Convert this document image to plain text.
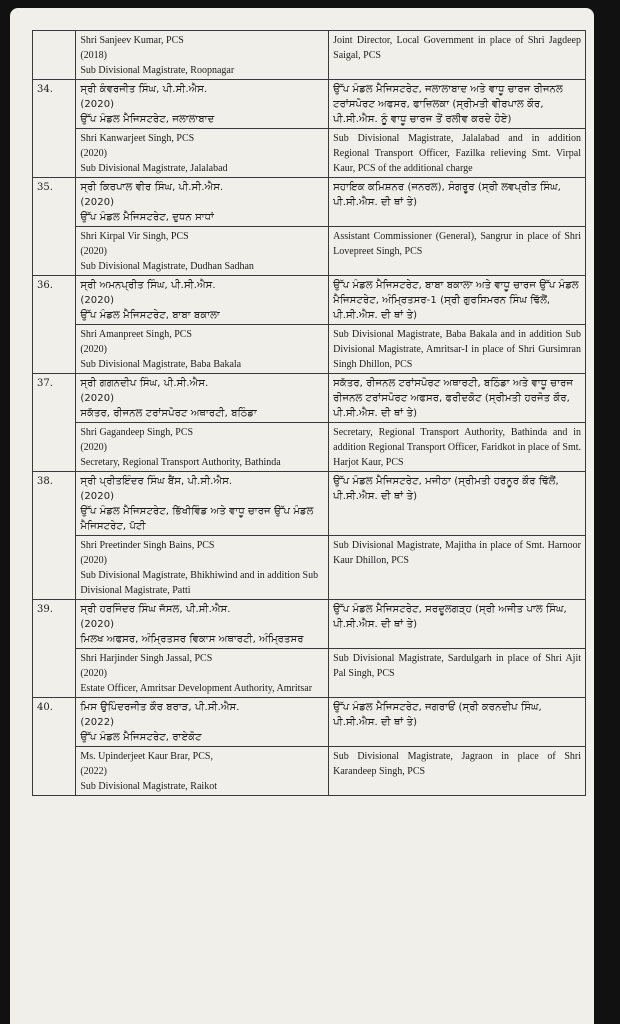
	Shri Sanjeev Kumar, PCS
(2018)
Sub Divisional Magistrate, Roopnagar	Joint Director, Local Government in place of Shri Jagdeep Saigal, PCS
34.	ਸ੍ਰੀ ਕੰਵਰਜੀਤ ਸਿੰਘ, ਪੀ.ਸੀ.ਐਸ.
(2020)
ਉੱਪ ਮੰਡਲ ਮੈਜਿਸਟਰੇਟ, ਜਲਾਲਾਬਾਦ	ਉੱਪ ਮੰਡਲ ਮੈਜਿਸਟਰੇਟ, ਜਲਾਲਾਬਾਦ ਅਤੇ ਵਾਧੂ ਚਾਰਜ ਰੀਜਨਲ ਟਰਾਂਸਪੋਰਟ ਅਫਸਰ, ਫਾਜ਼ਿਲਕਾ (ਸ੍ਰੀਮਤੀ ਵੀਰਪਾਲ ਕੌਰ, ਪੀ.ਸੀ.ਐਸ. ਨੂੰ ਵਾਧੂ ਚਾਰਜ ਤੋਂ ਰਲੀਵ ਕਰਦੇ ਹੋਏ)

	Shri Kanwarjeet Singh, PCS
(2020)
Sub Divisional Magistrate, Jalalabad	Sub Divisional Magistrate, Jalalabad and in addition Regional Transport Officer, Fazilka relieving Smt. Virpal Kaur, PCS of the additional charge
35.	ਸ੍ਰੀ ਕਿਰਪਾਲ ਵੀਰ ਸਿੰਘ, ਪੀ.ਸੀ.ਐਸ.
(2020)
ਉੱਪ ਮੰਡਲ ਮੈਜਿਸਟਰੇਟ, ਦੁਧਨ ਸਾਧਾਂ	ਸਹਾਇਕ ਕਮਿਸ਼ਨਰ (ਜਨਰਲ), ਸੰਗਰੂਰ (ਸ੍ਰੀ ਲਵਪ੍ਰੀਤ ਸਿੰਘ, ਪੀ.ਸੀ.ਐਸ. ਦੀ ਥਾਂ ਤੇ)

	Shri Kirpal Vir Singh, PCS
(2020)
Sub Divisional Magistrate, Dudhan Sadhan	Assistant Commissioner (General), Sangrur in place of Shri Lovepreet Singh, PCS
36.	ਸ੍ਰੀ ਅਮਨਪ੍ਰੀਤ ਸਿੰਘ, ਪੀ.ਸੀ.ਐਸ.
(2020)
ਉੱਪ ਮੰਡਲ ਮੈਜਿਸਟਰੇਟ, ਬਾਬਾ ਬਕਾਲਾ	ਉੱਪ ਮੰਡਲ ਮੈਜਿਸਟਰੇਟ, ਬਾਬਾ ਬਕਾਲਾ ਅਤੇ ਵਾਧੂ ਚਾਰਜ ਉੱਪ ਮੰਡਲ ਮੈਜਿਸਟਰੇਟ, ਅੰਮ੍ਰਿਤਸਰ-1 (ਸ੍ਰੀ ਗੁਰਸਿਮਰਨ ਸਿੰਘ ਢਿੱਲੋਂ, ਪੀ.ਸੀ.ਐਸ. ਦੀ ਥਾਂ ਤੇ)

	Shri Amanpreet Singh, PCS
(2020)
Sub Divisional Magistrate, Baba Bakala	Sub Divisional Magistrate, Baba Bakala and in addition Sub Divisional Magistrate, Amritsar-I in place of Shri Gursimran Singh Dhillon, PCS
37.	ਸ੍ਰੀ ਗਗਨਦੀਪ ਸਿੰਘ, ਪੀ.ਸੀ.ਐਸ.
(2020)
ਸਕੱਤਰ, ਰੀਜਨਲ ਟਰਾਂਸਪੋਰਟ ਅਥਾਰਟੀ, ਬਠਿੰਡਾ	ਸਕੱਤਰ, ਰੀਜਨਲ ਟਰਾਂਸਪੋਰਟ ਅਥਾਰਟੀ, ਬਠਿੰਡਾ ਅਤੇ ਵਾਧੂ ਚਾਰਜ ਰੀਜਨਲ ਟਰਾਂਸਪੋਰਟ ਅਫਸਰ, ਫਰੀਦਕੋਟ (ਸ੍ਰੀਮਤੀ ਹਰਜੋਤ ਕੌਰ, ਪੀ.ਸੀ.ਐਸ. ਦੀ ਥਾਂ ਤੇ)

	Shri Gagandeep Singh, PCS
(2020)
Secretary, Regional Transport Authority, Bathinda	Secretary, Regional Transport Authority, Bathinda and in addition Regional Transport Officer, Faridkot in place of Smt. Harjot Kaur, PCS
38.	ਸ੍ਰੀ ਪ੍ਰੀਤਇੰਦਰ ਸਿੰਘ ਬੈਂਸ, ਪੀ.ਸੀ.ਐਸ.
(2020)
ਉੱਪ ਮੰਡਲ ਮੈਜਿਸਟਰੇਟ, ਭਿੱਖੀਵਿੰਡ ਅਤੇ ਵਾਧੂ ਚਾਰਜ ਉੱਪ ਮੰਡਲ ਮੈਜਿਸਟਰੇਟ, ਪੱਟੀ	ਉੱਪ ਮੰਡਲ ਮੈਜਿਸਟਰੇਟ, ਮਜੀਠਾ (ਸ੍ਰੀਮਤੀ ਹਰਨੂਰ ਕੌਰ ਢਿੱਲੋਂ, ਪੀ.ਸੀ.ਐਸ. ਦੀ ਥਾਂ ਤੇ)

	Shri Preetinder Singh Bains, PCS
(2020)
Sub Divisional Magistrate, Bhikhiwind and in addition Sub Divisional Magistrate, Patti	Sub Divisional Magistrate, Majitha in place of Smt. Harnoor Kaur Dhillon, PCS
39.	ਸ੍ਰੀ ਹਰਜਿੰਦਰ ਸਿੰਘ ਜੱਸਲ, ਪੀ.ਸੀ.ਐਸ.
(2020)
ਮਿਲਖ ਅਫਸਰ, ਅੰਮ੍ਰਿਤਸਰ ਵਿਕਾਸ ਅਥਾਰਟੀ, ਅੰਮ੍ਰਿਤਸਰ	ਉੱਪ ਮੰਡਲ ਮੈਜਿਸਟਰੇਟ, ਸਰਦੂਲਗੜ੍ਹ (ਸ੍ਰੀ ਅਜੀਤ ਪਾਲ ਸਿੰਘ, ਪੀ.ਸੀ.ਐਸ. ਦੀ ਥਾਂ ਤੇ)

	Shri Harjinder Singh Jassal, PCS
(2020)
Estate Officer, Amritsar Development Authority, Amritsar	Sub Divisional Magistrate, Sardulgarh in place of Shri Ajit Pal Singh, PCS
40.	ਮਿਸ ਉਪਿੰਦਰਜੀਤ ਕੌਰ ਬਰਾੜ, ਪੀ.ਸੀ.ਐਸ.
(2022)
ਉੱਪ ਮੰਡਲ ਮੈਜਿਸਟਰੇਟ, ਰਾਏਕੋਟ	ਉੱਪ ਮੰਡਲ ਮੈਜਿਸਟਰੇਟ, ਜਗਰਾਓਂ (ਸ੍ਰੀ ਕਰਨਦੀਪ ਸਿੰਘ, ਪੀ.ਸੀ.ਐਸ. ਦੀ ਥਾਂ ਤੇ)

	Ms. Upinderjeet Kaur Brar, PCS,
(2022)
Sub Divisional Magistrate, Raikot	Sub Divisional Magistrate, Jagraon in place of Shri Karandeep Singh, PCS
